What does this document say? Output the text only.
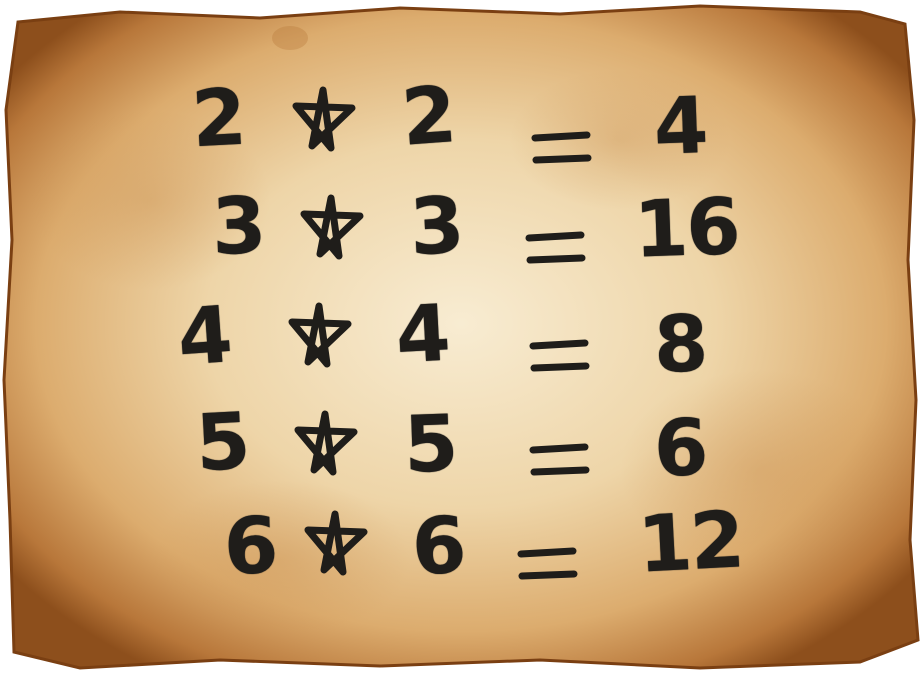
2 2	4
3 3 16
4 4	8
5 5 6
6 6 12
